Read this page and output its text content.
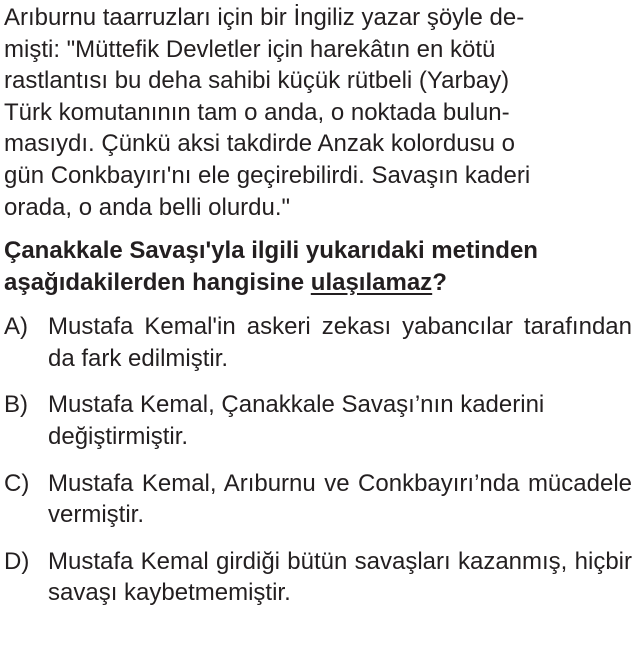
Arıburnu taarruzları için bir İngiliz yazar şöyle de-
mişti: "Müttefik Devletler için harekâtın en kötü
rastlantısı bu deha sahibi küçük rütbeli (Yarbay)
Türk komutanının tam o anda, o noktada bulun-
masıydı. Çünkü aksi takdirde Anzak kolordusu o
gün Conkbayırı'nı ele geçirebilirdi. Savaşın kaderi
orada, o anda belli olurdu."

Çanakkale Savaşı'yla ilgili yukarıdaki metinden aşağıdakilerden hangisine ulaşılamaz?

A) Mustafa Kemal'in askeri zekası yabancılar tarafından da fark edilmiştir.
B) Mustafa Kemal, Çanakkale Savaşı’nın kaderini değiştirmiştir.
C) Mustafa Kemal, Arıburnu ve Conkbayırı’nda mücadele vermiştir.
D) Mustafa Kemal girdiği bütün savaşları kazanmış, hiçbir savaşı kaybetmemiştir.
